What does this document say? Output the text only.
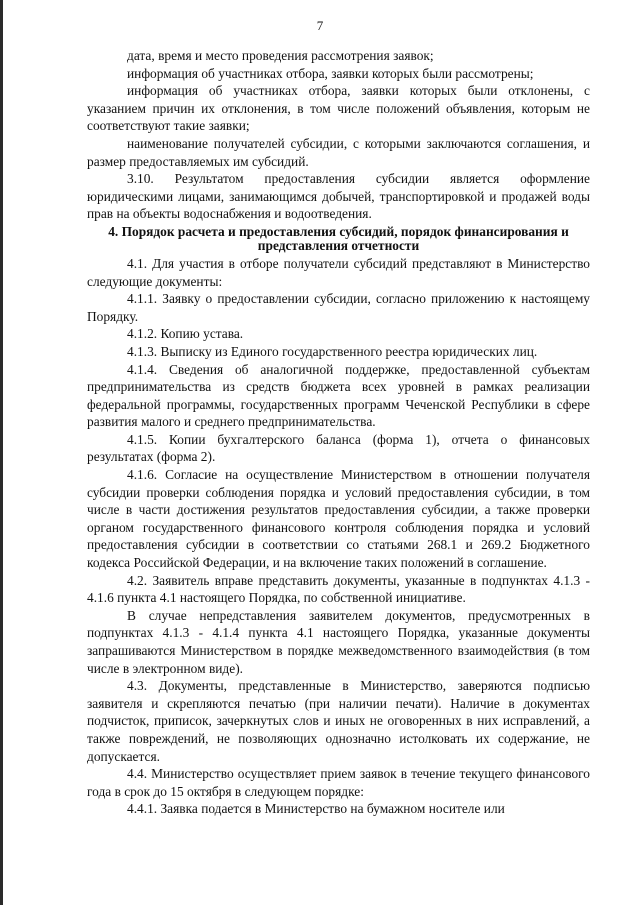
7

дата, время и место проведения рассмотрения заявок;

информация об участниках отбора, заявки которых были рассмотрены;

информация об участниках отбора, заявки которых были отклонены, с указанием причин их отклонения, в том числе положений объявления, которым не соответствуют такие заявки;

наименование получателей субсидии, с которыми заключаются соглашения, и размер предоставляемых им субсидий.

3.10. Результатом предоставления субсидии является оформление юридическими лицами, занимающимся добычей, транспортировкой и продажей воды прав на объекты водоснабжения и водоотведения.

4. Порядок расчета и предоставления субсидий, порядок финансирования и представления отчетности

4.1. Для участия в отборе получатели субсидий представляют в Министерство следующие документы:

4.1.1. Заявку о предоставлении субсидии, согласно приложению к настоящему Порядку.

4.1.2. Копию устава.

4.1.3. Выписку из Единого государственного реестра юридических лиц.

4.1.4. Сведения об аналогичной поддержке, предоставленной субъектам предпринимательства из средств бюджета всех уровней в рамках реализации федеральной программы, государственных программ Чеченской Республики в сфере развития малого и среднего предпринимательства.

4.1.5. Копии бухгалтерского баланса (форма 1), отчета о финансовых результатах (форма 2).

4.1.6. Согласие на осуществление Министерством в отношении получателя субсидии проверки соблюдения порядка и условий предоставления субсидии, в том числе в части достижения результатов предоставления субсидии, а также проверки органом государственного финансового контроля соблюдения порядка и условий предоставления субсидии в соответствии со статьями 268.1 и 269.2 Бюджетного кодекса Российской Федерации, и на включение таких положений в соглашение.

4.2. Заявитель вправе представить документы, указанные в подпунктах 4.1.3 - 4.1.6 пункта 4.1 настоящего Порядка, по собственной инициативе.

В случае непредставления заявителем документов, предусмотренных в подпунктах 4.1.3 - 4.1.4 пункта 4.1 настоящего Порядка, указанные документы запрашиваются Министерством в порядке межведомственного взаимодействия (в том числе в электронном виде).

4.3. Документы, представленные в Министерство, заверяются подписью заявителя и скрепляются печатью (при наличии печати). Наличие в документах подчисток, приписок, зачеркнутых слов и иных не оговоренных в них исправлений, а также повреждений, не позволяющих однозначно истолковать их содержание, не допускается.

4.4. Министерство осуществляет прием заявок в течение текущего финансового года в срок до 15 октября в следующем порядке:

4.4.1. Заявка подается в Министерство на бумажном носителе или
